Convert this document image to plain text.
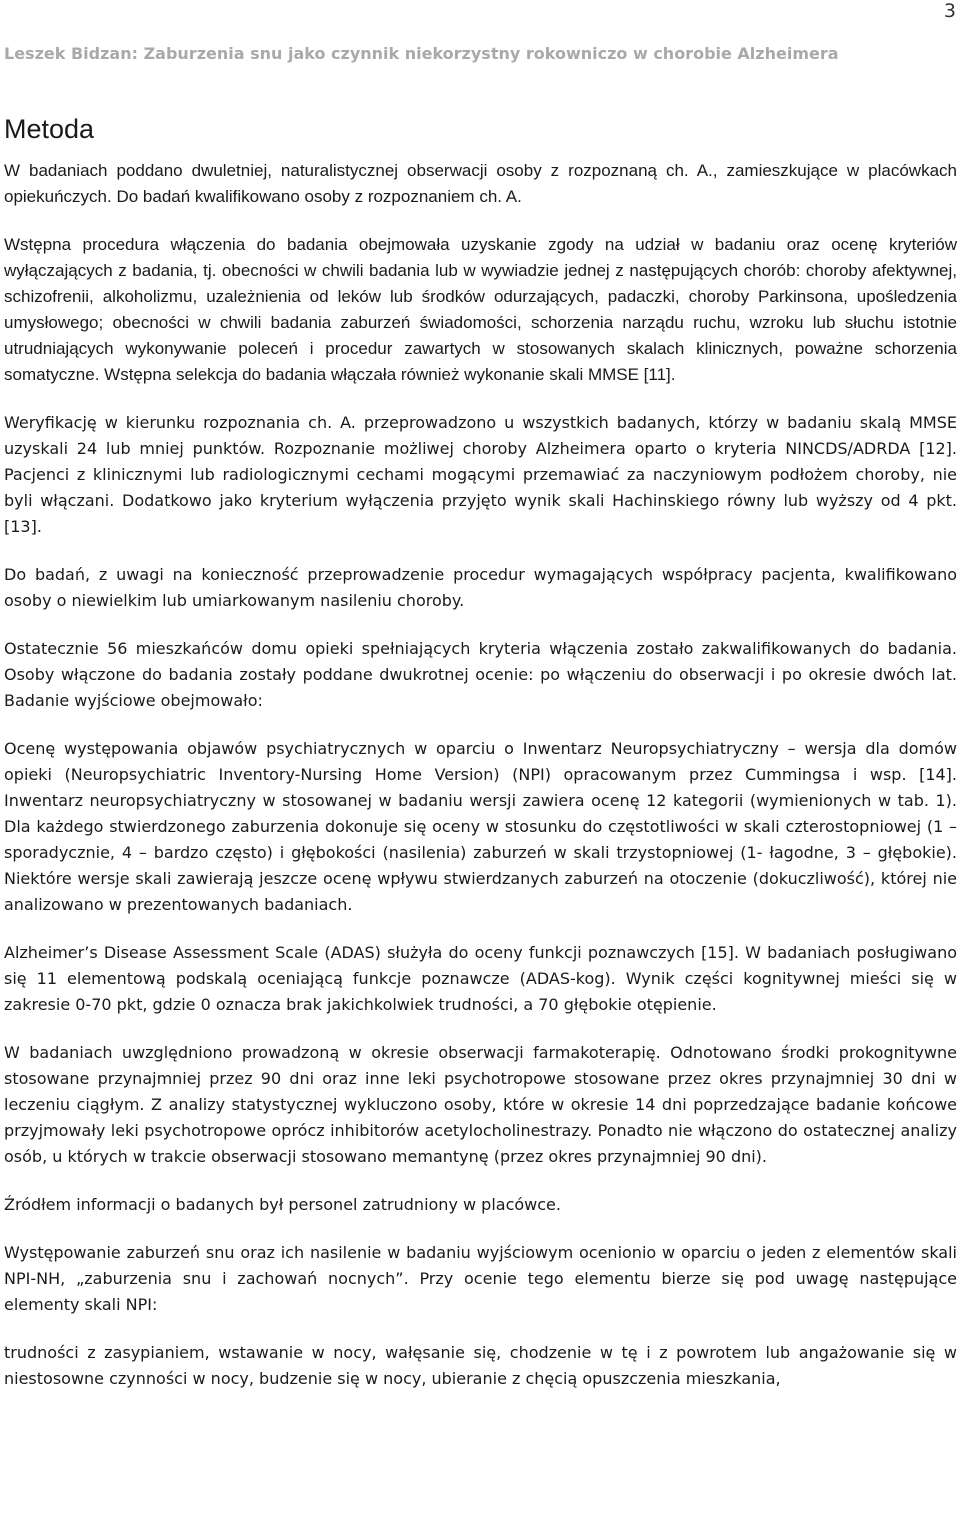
3
Leszek Bidzan: Zaburzenia snu jako czynnik niekorzystny rokowniczo w chorobie Alzheimera
Metoda

W badaniach poddano dwuletniej, naturalistycznej obserwacji osoby z rozpoznaną ch. A., zamieszkujące w placówkach opiekuńczych. Do badań kwalifikowano osoby z rozpoznaniem ch. A.

Wstępna procedura włączenia do badania obejmowała uzyskanie zgody na udział w badaniu oraz ocenę kryteriów wyłączających z badania, tj. obecności w chwili badania lub w wywiadzie jednej z następujących chorób: choroby afektywnej, schizofrenii, alkoholizmu, uzależnienia od leków lub środków odurzających, padaczki, choroby Parkinsona, upośledzenia umysłowego; obecności w chwili badania zaburzeń świadomości, schorzenia narządu ruchu, wzroku lub słuchu istotnie utrudniających wykonywanie poleceń i procedur zawartych w stosowanych skalach klinicznych, poważne schorzenia somatyczne. Wstępna selekcja do badania włączała również wykonanie skali MMSE [11].

Weryfikację w kierunku rozpoznania ch. A. przeprowadzono u wszystkich badanych, którzy w badaniu skalą MMSE uzyskali 24 lub mniej punktów. Rozpoznanie możliwej choroby Alzheimera oparto o kryteria NINCDS/ADRDA [12]. Pacjenci z klinicznymi lub radiologicznymi cechami mogącymi przemawiać za naczyniowym podłożem choroby, nie byli włączani. Dodatkowo jako kryterium wyłączenia przyjęto wynik skali Hachinskiego równy lub wyższy od 4 pkt. [13].

Do badań, z uwagi na konieczność przeprowadzenie procedur wymagających współpracy pacjenta, kwalifikowano osoby o niewielkim lub umiarkowanym nasileniu choroby.

Ostatecznie 56 mieszkańców domu opieki spełniających kryteria włączenia zostało zakwalifikowanych do badania. Osoby włączone do badania zostały poddane dwukrotnej ocenie: po włączeniu do obserwacji i po okresie dwóch lat. Badanie wyjściowe obejmowało:

Ocenę występowania objawów psychiatrycznych w oparciu o Inwentarz Neuropsychiatryczny – wersja dla domów opieki (Neuropsychiatric Inventory-Nursing Home Version) (NPI) opracowanym przez Cummingsa i wsp. [14]. Inwentarz neuropsychiatryczny w stosowanej w badaniu wersji zawiera ocenę 12 kategorii (wymienionych w tab. 1). Dla każdego stwierdzonego zaburzenia dokonuje się oceny w stosunku do częstotliwości w skali czterostopniowej (1 – sporadycznie, 4 – bardzo często) i głębokości (nasilenia) zaburzeń w skali trzystopniowej (1- łagodne, 3 – głębokie). Niektóre wersje skali zawierają jeszcze ocenę wpływu stwierdzanych zaburzeń na otoczenie (dokuczliwość), której nie analizowano w prezentowanych badaniach.

Alzheimer’s Disease Assessment Scale (ADAS) służyła do oceny funkcji poznawczych [15]. W badaniach posługiwano się 11 elementową podskalą oceniającą funkcje poznawcze (ADAS-kog). Wynik części kognitywnej mieści się w zakresie 0-70 pkt, gdzie 0 oznacza brak jakichkolwiek trudności, a 70 głębokie otępienie.

W badaniach uwzględniono prowadzoną w okresie obserwacji farmakoterapię. Odnotowano środki prokognitywne stosowane przynajmniej przez 90 dni oraz inne leki psychotropowe stosowane przez okres przynajmniej 30 dni w leczeniu ciągłym. Z analizy statystycznej wykluczono osoby, które w okresie 14 dni poprzedzające badanie końcowe przyjmowały leki psychotropowe oprócz inhibitorów acetylocholinestrazy. Ponadto nie włączono do ostatecznej analizy osób, u których w trakcie obserwacji stosowano memantynę (przez okres przynajmniej 90 dni).

Źródłem informacji o badanych był personel zatrudniony w placówce.

Występowanie zaburzeń snu oraz ich nasilenie w badaniu wyjściowym ocenionio w oparciu o jeden z elementów skali NPI-NH, „zaburzenia snu i zachowań nocnych”. Przy ocenie tego elementu bierze się pod uwagę następujące elementy skali NPI:

trudności z zasypianiem, wstawanie w nocy, wałęsanie się, chodzenie w tę i z powrotem lub angażowanie się w niestosowne czynności w nocy, budzenie się w nocy, ubieranie z chęcią opuszczenia mieszkania,
